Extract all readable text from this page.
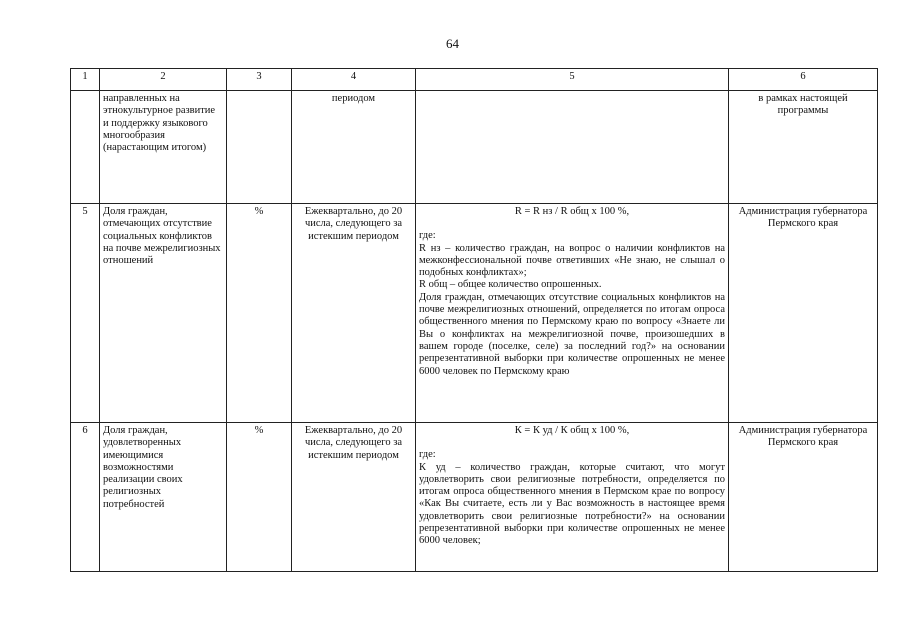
64
1	2	3	4	5	6
	направленных на этнокультурное развитие и поддержку языкового многообразия (нарастающим итогом)		периодом		в рамках настоящей программы
5	Доля граждан, отмечающих отсутствие социальных конфликтов на почве межрелигиозных отношений	%	Ежеквартально, до 20 числа, следующего за истекшим периодом	R = R нз / R общ x 100 %,
где:
R нз – количество граждан, на вопрос о наличии конфликтов на межконфессиональной почве ответивших «Не знаю, не слышал о подобных конфликтах»;
R общ – общее количество опрошенных.
Доля граждан, отмечающих отсутствие социальных конфликтов на почве межрелигиозных отношений, определяется по итогам опроса общественного мнения по Пермскому краю по вопросу «Знаете ли Вы о конфликтах на межрелигиозной почве, произошедших в вашем городе (поселке, селе) за последний год?» на основании репрезентативной выборки при количестве опрошенных не менее 6000 человек по Пермскому краю	Администрация губернатора Пермского края
6	Доля граждан, удовлетворенных имеющимися возможностями реализации своих религиозных потребностей	%	Ежеквартально, до 20 числа, следующего за истекшим периодом	К = К уд / К общ x 100 %,
где:
К уд – количество граждан, которые считают, что могут удовлетворить свои религиозные потребности, определяется по итогам опроса общественного мнения в Пермском крае по вопросу «Как Вы считаете, есть ли у Вас возможность в настоящее время удовлетворить свои религиозные потребности?» на основании репрезентативной выборки при количестве опрошенных не менее 6000 человек;	Администрация губернатора Пермского края
